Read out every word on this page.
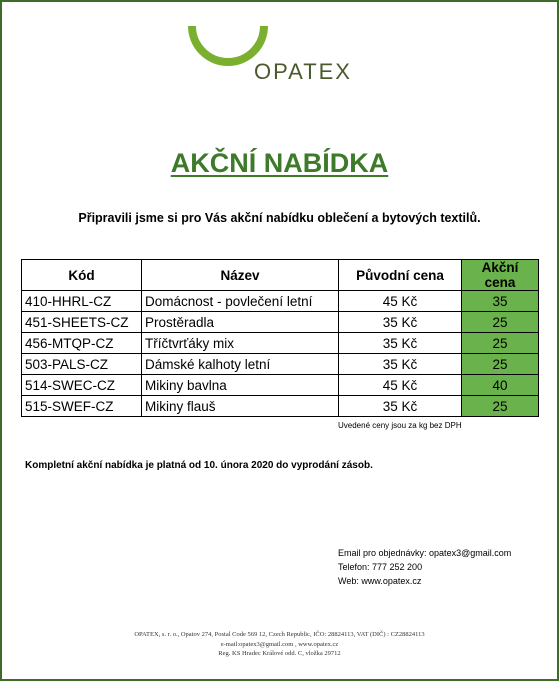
OPATEX
AKČNÍ NABÍDKA
Připravili jsme si pro Vás akční nabídku oblečení a bytových textilů.
Kód	Název	Původní cena	Akční cena
410-HHRL-CZ	Domácnost - povlečení letní	45 Kč	35
451-SHEETS-CZ	Prostěradla	35 Kč	25
456-MTQP-CZ	Tříčtvrťáky mix	35 Kč	25
503-PALS-CZ	Dámské kalhoty letní	35 Kč	25
514-SWEC-CZ	Mikiny bavlna	45 Kč	40
515-SWEF-CZ	Mikiny flauš	35 Kč	25
Uvedené ceny jsou za kg bez DPH
Kompletní akční nabídka je platná od 10. února 2020 do vyprodání zásob.
Email pro objednávky: opatex3@gmail.com
Telefon: 777 252 200
Web: www.opatex.cz
OPATEX, s. r. o., Opatov 274, Postal Code 569 12, Czech Republic, IČO: 28824113, VAT (DIČ) : CZ28824113
e-mail:opatex3@gmail.com , www.opatex.cz
Reg. KS Hradec Králové odd. C, vložka 29712
